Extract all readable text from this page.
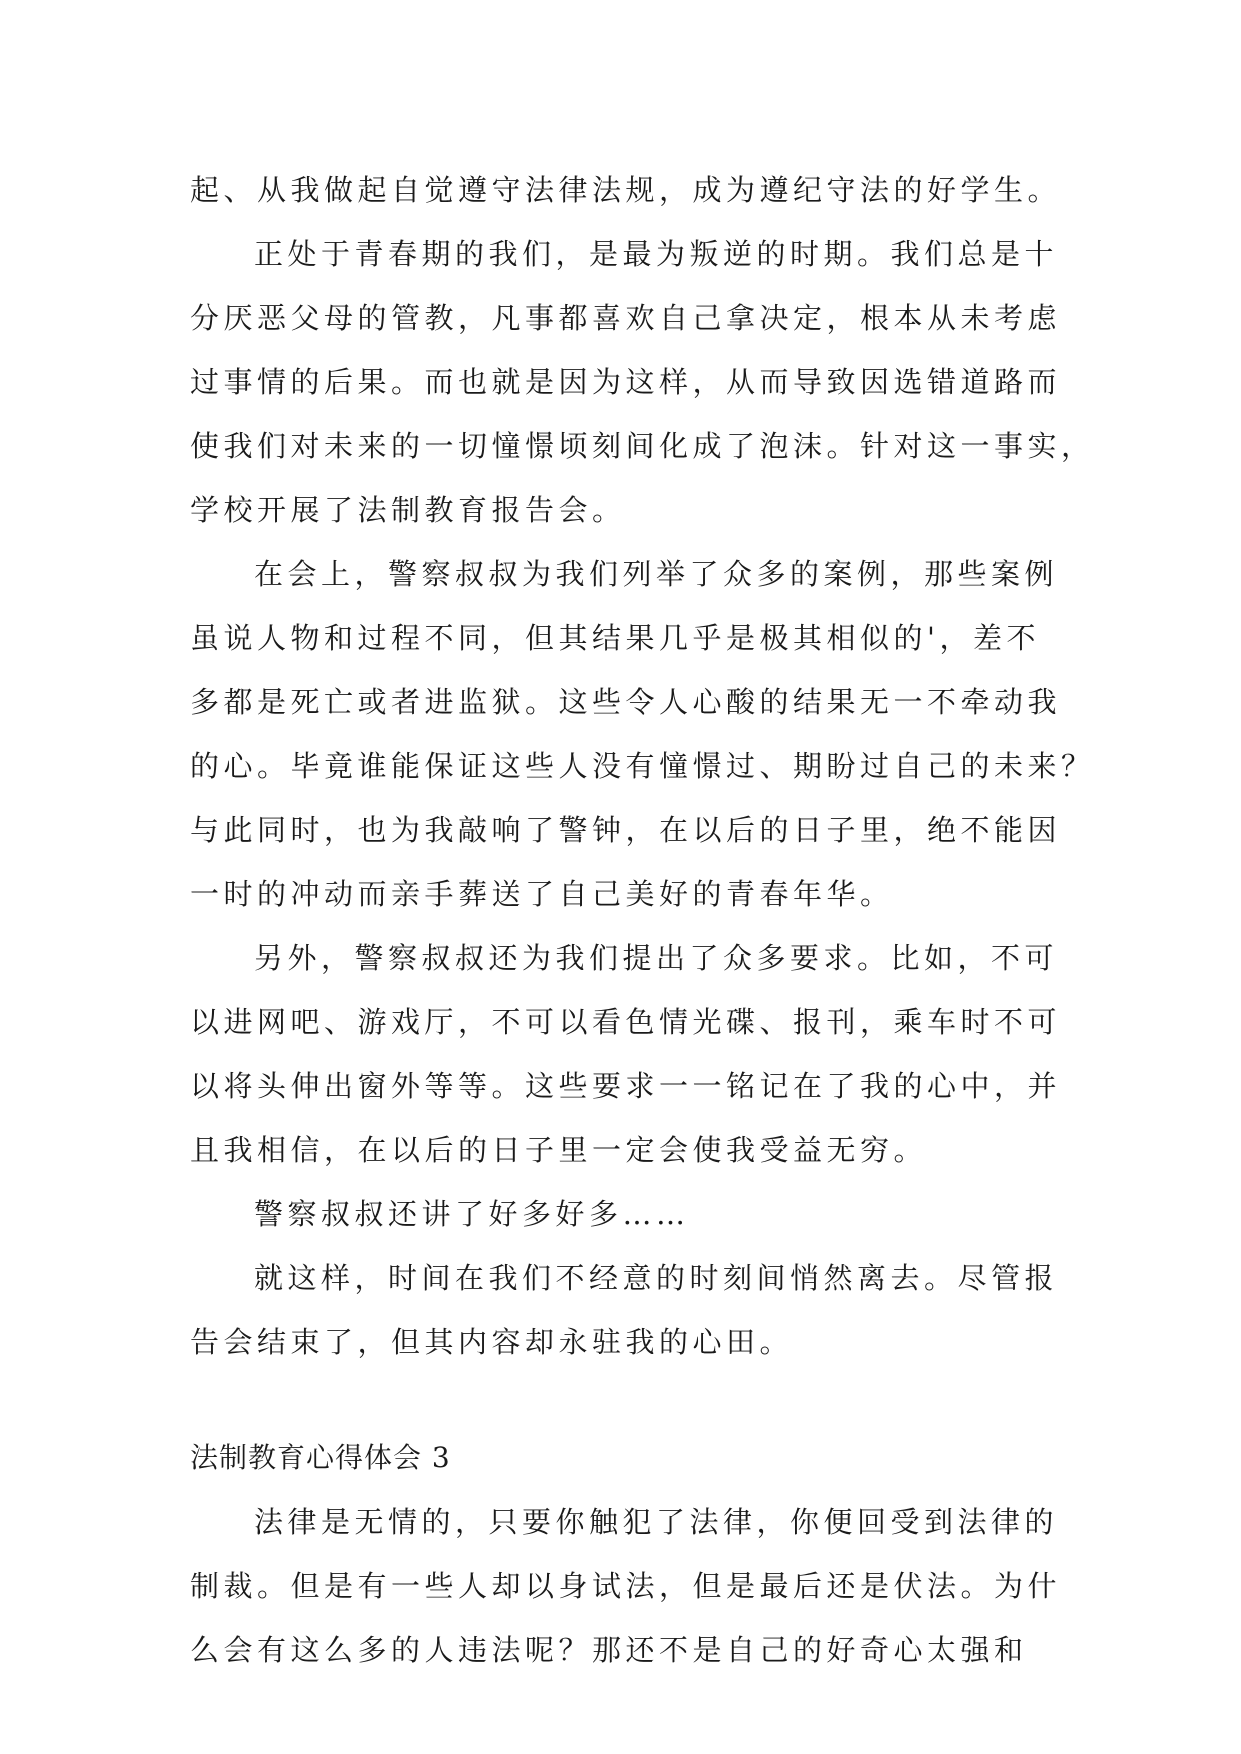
起、从我做起自觉遵守法律法规，成为遵纪守法的好学生。
正处于青春期的我们，是最为叛逆的时期。我们总是十
分厌恶父母的管教，凡事都喜欢自己拿决定，根本从未考虑
过事情的后果。而也就是因为这样，从而导致因选错道路而
使我们对未来的一切憧憬顷刻间化成了泡沫。针对这一事实，
学校开展了法制教育报告会。
在会上，警察叔叔为我们列举了众多的案例，那些案例
虽说人物和过程不同，但其结果几乎是极其相似的'，差不
多都是死亡或者进监狱。这些令人心酸的结果无一不牵动我
的心。毕竟谁能保证这些人没有憧憬过、期盼过自己的未来？
与此同时，也为我敲响了警钟，在以后的日子里，绝不能因
一时的冲动而亲手葬送了自己美好的青春年华。
另外，警察叔叔还为我们提出了众多要求。比如，不可
以进网吧、游戏厅，不可以看色情光碟、报刊，乘车时不可
以将头伸出窗外等等。这些要求一一铭记在了我的心中，并
且我相信，在以后的日子里一定会使我受益无穷。
警察叔叔还讲了好多好多……
就这样，时间在我们不经意的时刻间悄然离去。尽管报
告会结束了，但其内容却永驻我的心田。
法制教育心得体会 3
法律是无情的，只要你触犯了法律，你便回受到法律的
制裁。但是有一些人却以身试法，但是最后还是伏法。为什
么会有这么多的人违法呢？那还不是自己的好奇心太强和
